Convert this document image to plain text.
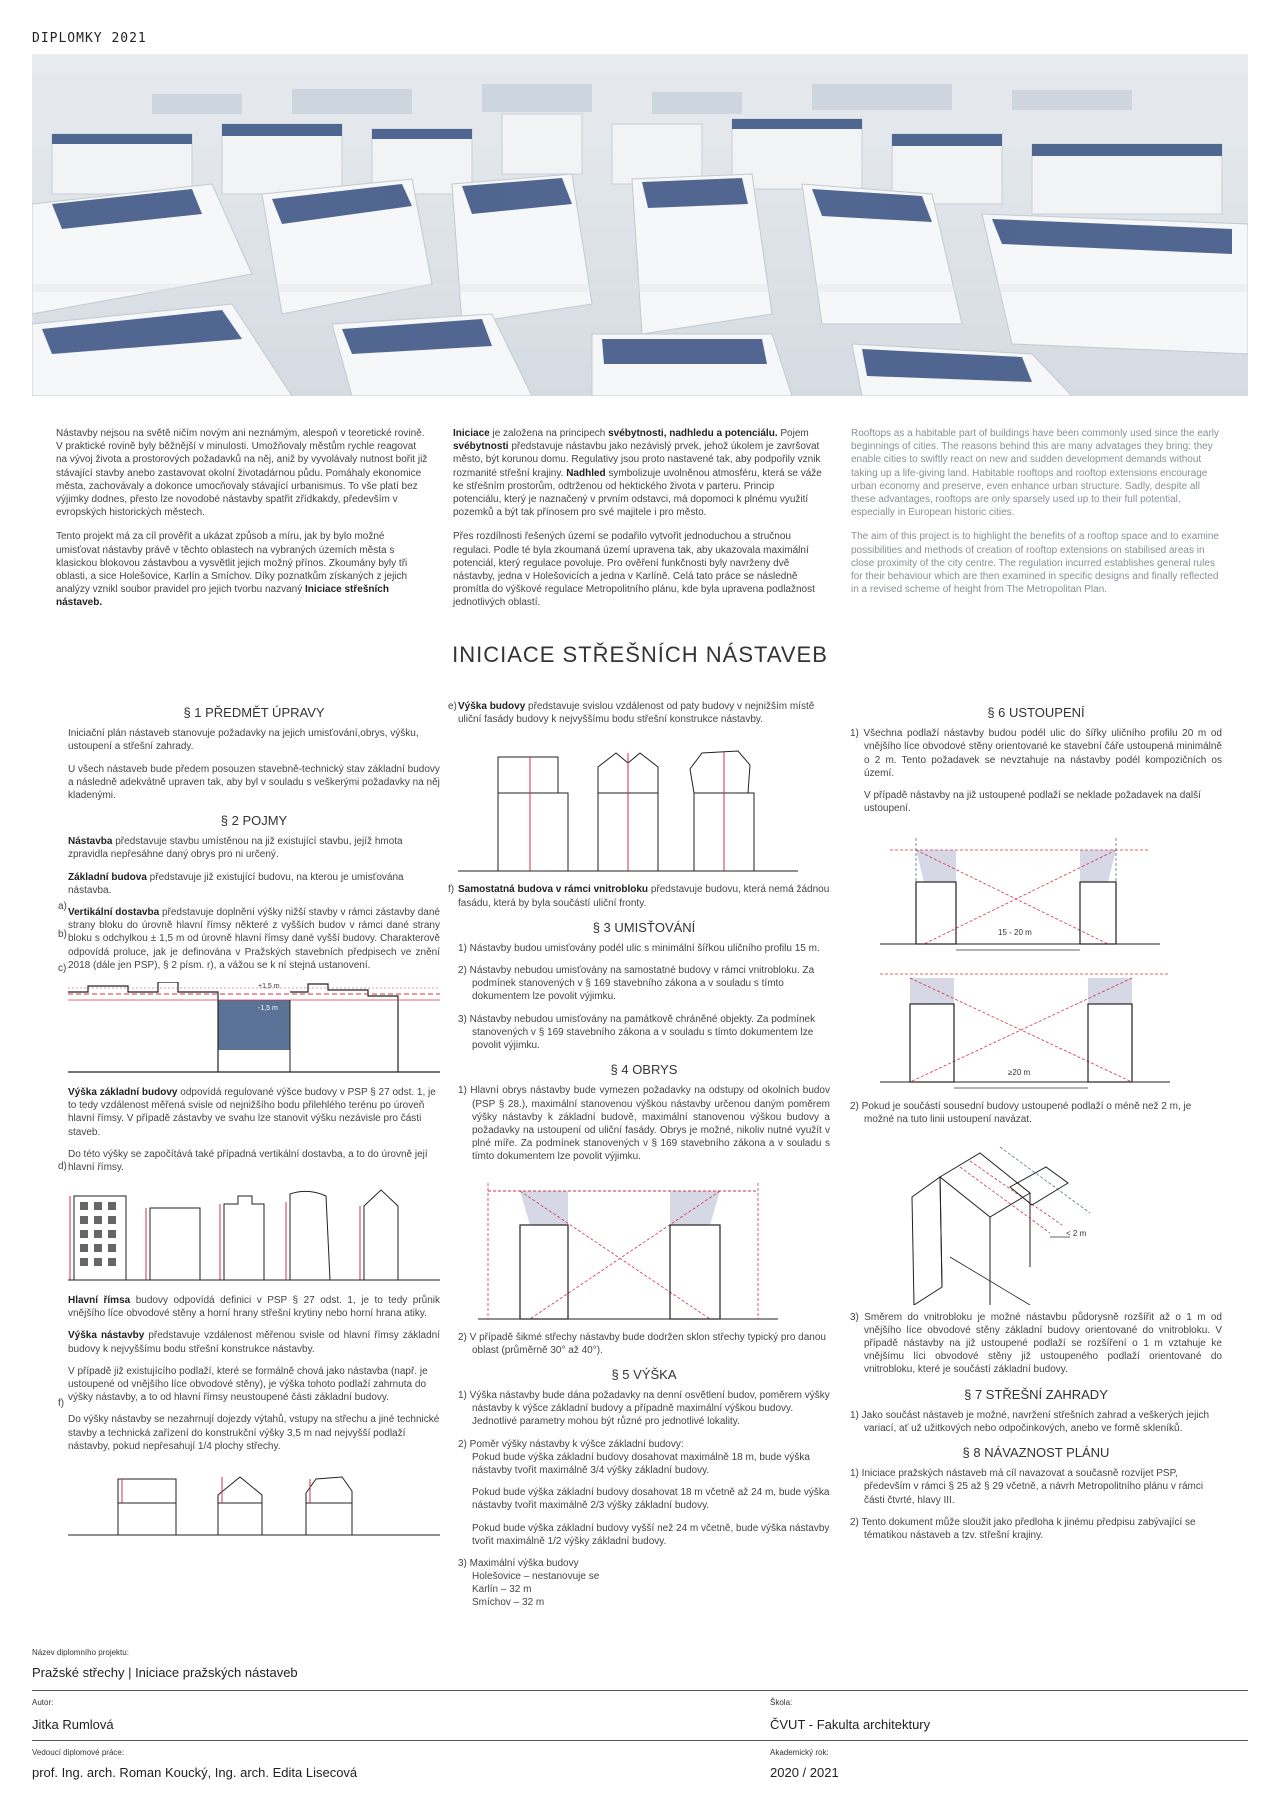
DIPLOMKY 2021

Nástavby nejsou na světě ničím novým ani neznámým, alespoň v teoretické rovině. V praktické rovině byly běžnější v minulosti. Umožňovaly městům rychle reagovat na vývoj života a prostorových požadavků na něj, aniž by vyvolávaly nutnost bořit již stávající stavby anebo zastavovat okolní životadárnou půdu. Pomáhaly ekonomice města, zachovávaly a dokonce umocňovaly stávající urbanismus. To vše platí bez výjimky dodnes, přesto lze novodobé nástavby spatřit zřídkakdy, především v evropských historických městech.

Tento projekt má za cíl prověřit a ukázat způsob a míru, jak by bylo možné umisťovat nástavby právě v těchto oblastech na vybraných územích města s klasickou blokovou zástavbou a vysvětlit jejich možný přínos. Zkoumány byly tři oblasti, a sice Holešovice, Karlín a Smíchov. Díky poznatkům získaných z jejich analýzy vznikl soubor pravidel pro jejich tvorbu nazvaný Iniciace střešních nástaveb.

Iniciace je založena na principech svébytnosti, nadhledu a potenciálu. Pojem svébytnosti představuje nástavbu jako nezávislý prvek, jehož úkolem je završovat město, být korunou domu. Regulativy jsou proto nastavené tak, aby podpořily vznik rozmanité střešní krajiny. Nadhled symbolizuje uvolněnou atmosféru, která se váže ke střešním prostorům, odtrženou od hektického života v parteru. Princip potenciálu, který je naznačený v prvním odstavci, má dopomoci k plnému využití pozemků a být tak přínosem pro své majitele i pro město.

Přes rozdílnosti řešených území se podařilo vytvořit jednoduchou a stručnou regulaci. Podle té byla zkoumaná území upravena tak, aby ukazovala maximální potenciál, který regulace povoluje. Pro ověření funkčnosti byly navrženy dvě nástavby, jedna v Holešovicích a jedna v Karlíně. Celá tato práce se následně promítla do výškové regulace Metropolitního plánu, kde byla upravena podlažnost jednotlivých oblastí.

Rooftops as a habitable part of buildings have been commonly used since the early beginnings of cities. The reasons behind this are many advatages they bring: they enable cities to swiftly react on new and sudden development demands without taking up a life-giving land. Habitable rooftops and rooftop extensions encourage urban economy and preserve, even enhance urban structure. Sadly, despite all these advantages, rooftops are only sparsely used up to their full potential, especially in European historic cities.

The aim of this project is to highlight the benefits of a rooftop space and to examine possibilities and methods of creation of rooftop extensions on stabilised areas in close proximity of the city centre. The regulation incurred establishes general rules for their behaviour which are then examined in specific designs and finally reflected in a revised scheme of height from The Metropolitan Plan.

INICIACE STŘEŠNÍCH NÁSTAVEB
§ 1 PŘEDMĚT ÚPRAVY

Iniciační plán nástaveb stanovuje požadavky na jejich umisťování,obrys, výšku, ustoupení a střešní zahrady.

U všech nástaveb bude předem posouzen stavebně-technický stav základní budovy a následně adekvátně upraven tak, aby byl v souladu s veškerými požadavky na něj kladenými.

§ 2 POJMY

Nástavba představuje stavbu umístěnou na již existující stavbu, jejíž hmota zpravidla nepřesáhne daný obrys pro ni určený.

Základní budova představuje již existující budovu, na kterou je umisťována nástavba.

a)
b)
c)

Vertikální dostavba představuje doplnění výšky nižší stavby v rámci zástavby dané strany bloku do úrovně hlavní římsy některé z vyšších budov v rámci dané strany bloku s odchylkou ± 1,5 m od úrovně hlavní římsy dané vyšší budovy. Charakterově odpovídá proluce, jak je definována v Pražských stavebních předpisech ve znění 2018 (dále jen PSP), § 2 písm. r), a vážou se k ní stejná ustanovení.

+1,5 m
-1,5 m

Výška základní budovy odpovídá regulované výšce budovy v PSP § 27 odst. 1, je to tedy vzdálenost měřená svisle od nejnižšího bodu přilehlého terénu po úroveň hlavní římsy. V případě zástavby ve svahu lze stanovit výšku nezávisle pro části staveb.

d)

Do této výšky se započítává také případná vertikální dostavba, a to do úrovně její hlavní římsy.

Hlavní římsa budovy odpovídá definici v PSP § 27 odst. 1, je to tedy průnik vnějšího líce obvodové stěny a horní hrany střešní krytiny nebo horní hrana atiky.

Výška nástavby představuje vzdálenost měřenou svisle od hlavní římsy základní budovy k nejvyššímu bodu střešní konstrukce nástavby.

f)

V případě již existujícího podlaží, které se formálně chová jako nástavba (např. je ustoupené od vnějšího líce obvodové stěny), je výška tohoto podlaží zahrnuta do výšky nástavby, a to od hlavní římsy neustoupené části základní budovy.

Do výšky nástavby se nezahrnují dojezdy výtahů, vstupy na střechu a jiné technické stavby a technická zařízení do konstrukční výšky 3,5 m nad nejvyšší podlaží nástavby, pokud nepřesahují 1/4 plochy střechy.

e) Výška budovy představuje svislou vzdálenost od paty budovy v nejnižším místě uliční fasády budovy k nejvyššímu bodu střešní konstrukce nástavby.

f) Samostatná budova v rámci vnitrobloku představuje budovu, která nemá žádnou fasádu, která by byla součástí uliční fronty.

§ 3 UMISŤOVÁNÍ

1) Nástavby budou umisťovány podél ulic s minimální šířkou uličního profilu 15 m.

2) Nástavby nebudou umisťovány na samostatné budovy v rámci vnitrobloku. Za podmínek stanovených v § 169 stavebního zákona a v souladu s tímto dokumentem lze povolit výjimku.

3) Nástavby nebudou umisťovány na památkově chráněné objekty. Za podmínek stanovených v § 169 stavebního zákona a v souladu s tímto dokumentem lze povolit výjimku.

§ 4 OBRYS

1) Hlavní obrys nástavby bude vymezen požadavky na odstupy od okolních budov (PSP § 28.), maximální stanovenou výškou nástavby určenou daným poměrem výšky nástavby k základní budově, maximální stanovenou výškou budovy a požadavky na ustoupení od uliční fasády. Obrys je možné, nikoliv nutné využít v plné míře. Za podmínek stanovených v § 169 stavebního zákona a v souladu s tímto dokumentem lze povolit výjimku.

2) V případě šikmé střechy nástavby bude dodržen sklon střechy typický pro danou oblast (průměrně 30° až 40°).

§ 5 VÝŠKA

1) Výška nástavby bude dána požadavky na denní osvětlení budov, poměrem výšky nástavby k výšce základní budovy a případně maximální výškou budovy. Jednotlivé parametry mohou být různé pro jednotlivé lokality.

2) Poměr výšky nástavby k výšce základní budovy:

Pokud bude výška základní budovy dosahovat maximálně 18 m, bude výška nástavby tvořit maximálně 3/4 výšky základní budovy.

Pokud bude výška základní budovy dosahovat 18 m včetně až 24 m, bude výška nástavby tvořit maximálně 2/3 výšky základní budovy.

Pokud bude výška základní budovy vyšší než 24 m včetně, bude výška nástavby tvořit maximálně 1/2 výšky základní budovy.

3) Maximální výška budovy

Holešovice – nestanovuje se

Karlín – 32 m

Smíchov – 32 m

§ 6 USTOUPENÍ

1) Všechna podlaží nástavby budou podél ulic do šířky uličního profilu 20 m od vnějšího líce obvodové stěny orientované ke stavební čáře ustoupená minimálně o 2 m. Tento požadavek se nevztahuje na nástavby podél kompozičních os území.

V případě nástavby na již ustoupené podlaží se neklade požadavek na další ustoupení.

15 - 20 m
≥20 m

2) Pokud je součástí sousední budovy ustoupené podlaží o méně než 2 m, je možné na tuto linii ustoupení navázat.

< 2 m

3) Směrem do vnitrobloku je možné nástavbu půdorysně rozšířit až o 1 m od vnějšího líce obvodové stěny základní budovy orientované do vnitrobloku. V případě nástavby na již ustoupené podlaží se rozšíření o 1 m vztahuje ke vnějšímu líci obvodové stěny již ustoupeného podlaží orientované do vnitrobloku, které je součástí základní budovy.

§ 7 STŘEŠNÍ ZAHRADY

1) Jako součást nástaveb je možné, navržení střešních zahrad a veškerých jejich variací, ať už užitkových nebo odpočinkových, anebo ve formě skleníků.

§ 8 NÁVAZNOST PLÁNU

1) Iniciace pražských nástaveb má cíl navazovat a současně rozvíjet PSP, především v rámci § 25 až § 29 včetně, a návrh Metropolitního plánu v rámci části čtvrté, hlavy III.

2) Tento dokument může sloužit jako předloha k jinému předpisu zabývající se tématikou nástaveb a tzv. střešní krajiny.

Název diplomního projektu:
Pražské střechy | Iniciace pražských nástaveb
Autor:
Jitka Rumlová
Škola:
ČVUT - Fakulta architektury
Vedoucí diplomové práce:
prof. Ing. arch. Roman Koucký, Ing. arch. Edita Lisecová
Akademický rok:
2020 / 2021
